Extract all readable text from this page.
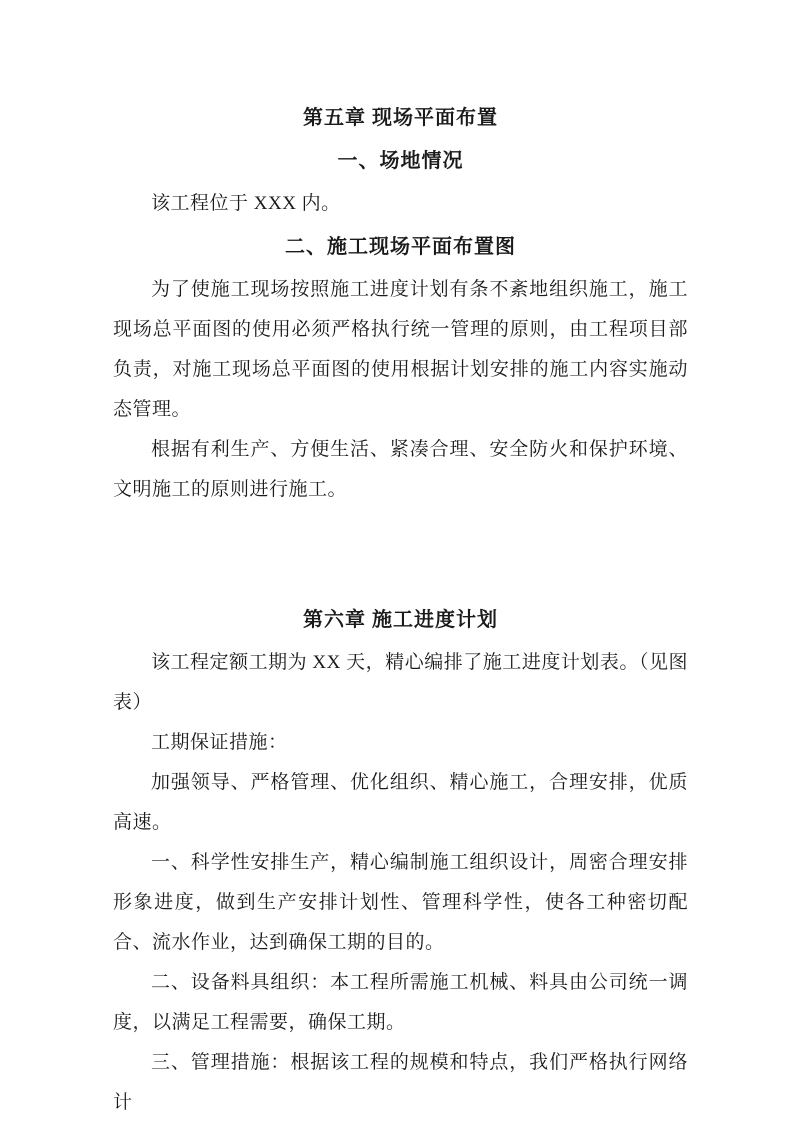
第五章 现场平面布置
一、场地情况

该工程位于 XXX 内。

二、施工现场平面布置图

为了使施工现场按照施工进度计划有条不紊地组织施工，施工现场总平面图的使用必须严格执行统一管理的原则，由工程项目部负责，对施工现场总平面图的使用根据计划安排的施工内容实施动态管理。

根据有利生产、方便生活、紧凑合理、安全防火和保护环境、文明施工的原则进行施工。

第六章 施工进度计划

该工程定额工期为 XX 天，精心编排了施工进度计划表。（见图表）

工期保证措施：

加强领导、严格管理、优化组织、精心施工，合理安排，优质高速。

一、科学性安排生产，精心编制施工组织设计，周密合理安排形象进度，做到生产安排计划性、管理科学性，使各工种密切配合、流水作业，达到确保工期的目的。

二、设备料具组织：本工程所需施工机械、料具由公司统一调度，以满足工程需要，确保工期。

三、管理措施：根据该工程的规模和特点，我们严格执行网络计
